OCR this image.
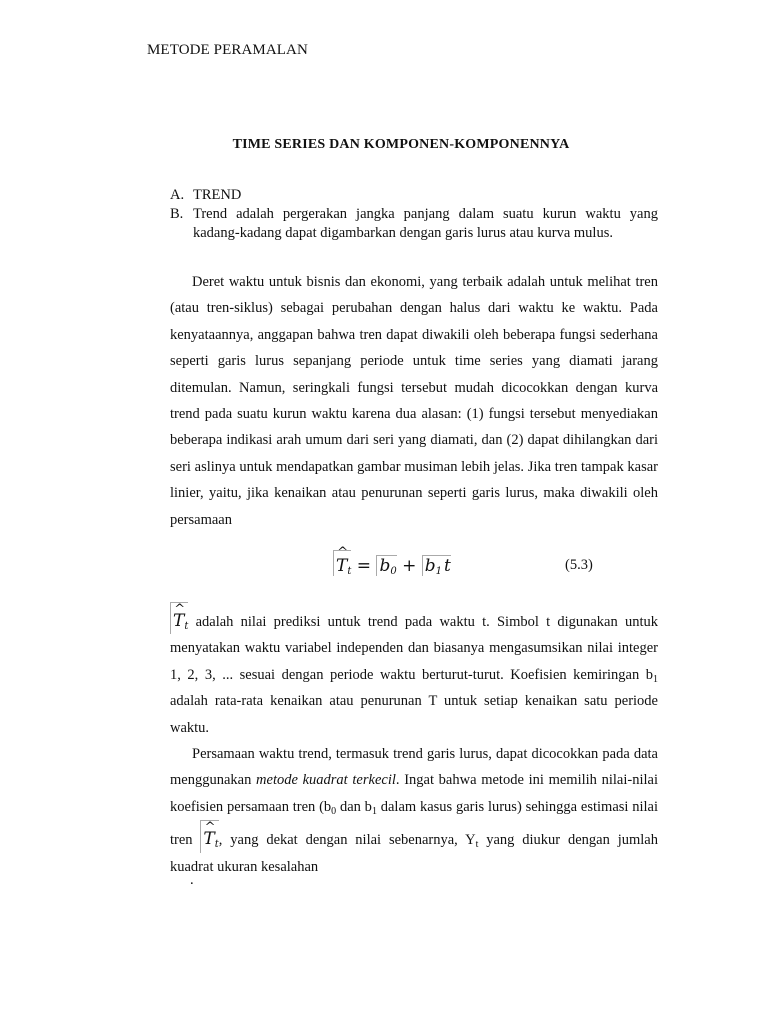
METODE PERAMALAN
TIME SERIES DAN KOMPONEN-KOMPONENNYA
A. TREND
B. Trend adalah pergerakan jangka panjang dalam suatu kurun waktu yang kadang-kadang dapat digambarkan dengan garis lurus atau kurva mulus.
Deret waktu untuk bisnis dan ekonomi, yang terbaik adalah untuk melihat tren (atau tren-siklus) sebagai perubahan dengan halus dari waktu ke waktu. Pada kenyataannya, anggapan bahwa tren dapat diwakili oleh beberapa fungsi sederhana seperti garis lurus sepanjang periode untuk time series yang diamati jarang ditemulan. Namun, seringkali fungsi tersebut mudah dicocokkan dengan kurva trend pada suatu kurun waktu karena dua alasan: (1) fungsi tersebut menyediakan beberapa indikasi arah umum dari seri yang diamati, dan (2) dapat dihilangkan dari seri aslinya untuk mendapatkan gambar musiman lebih jelas. Jika tren tampak kasar linier, yaitu, jika kenaikan atau penurunan seperti garis lurus, maka diwakili oleh persamaan
^ $T_t = b_0 + b_1$ t	(5.3)
^ $T_t$ adalah nilai prediksi untuk trend pada waktu t. Simbol t digunakan untuk menyatakan waktu variabel independen dan biasanya mengasumsikan nilai integer 1, 2, 3, ... sesuai dengan periode waktu berturut-turut. Koefisien kemiringan $b_1$ adalah rata-rata kenaikan atau penurunan T untuk setiap kenaikan satu periode waktu.
Persamaan waktu trend, termasuk trend garis lurus, dapat dicocokkan pada data menggunakan metode kuadrat terkecil. Ingat bahwa metode ini memilih nilai-nilai koefisien persamaan tren ($b_0$ dan $b_1$ dalam kasus garis lurus) sehingga estimasi nilai tren ^ $T_t$, yang dekat dengan nilai sebenarnya, $Y_t$ yang diukur dengan jumlah kuadrat ukuran kesalahan
.
